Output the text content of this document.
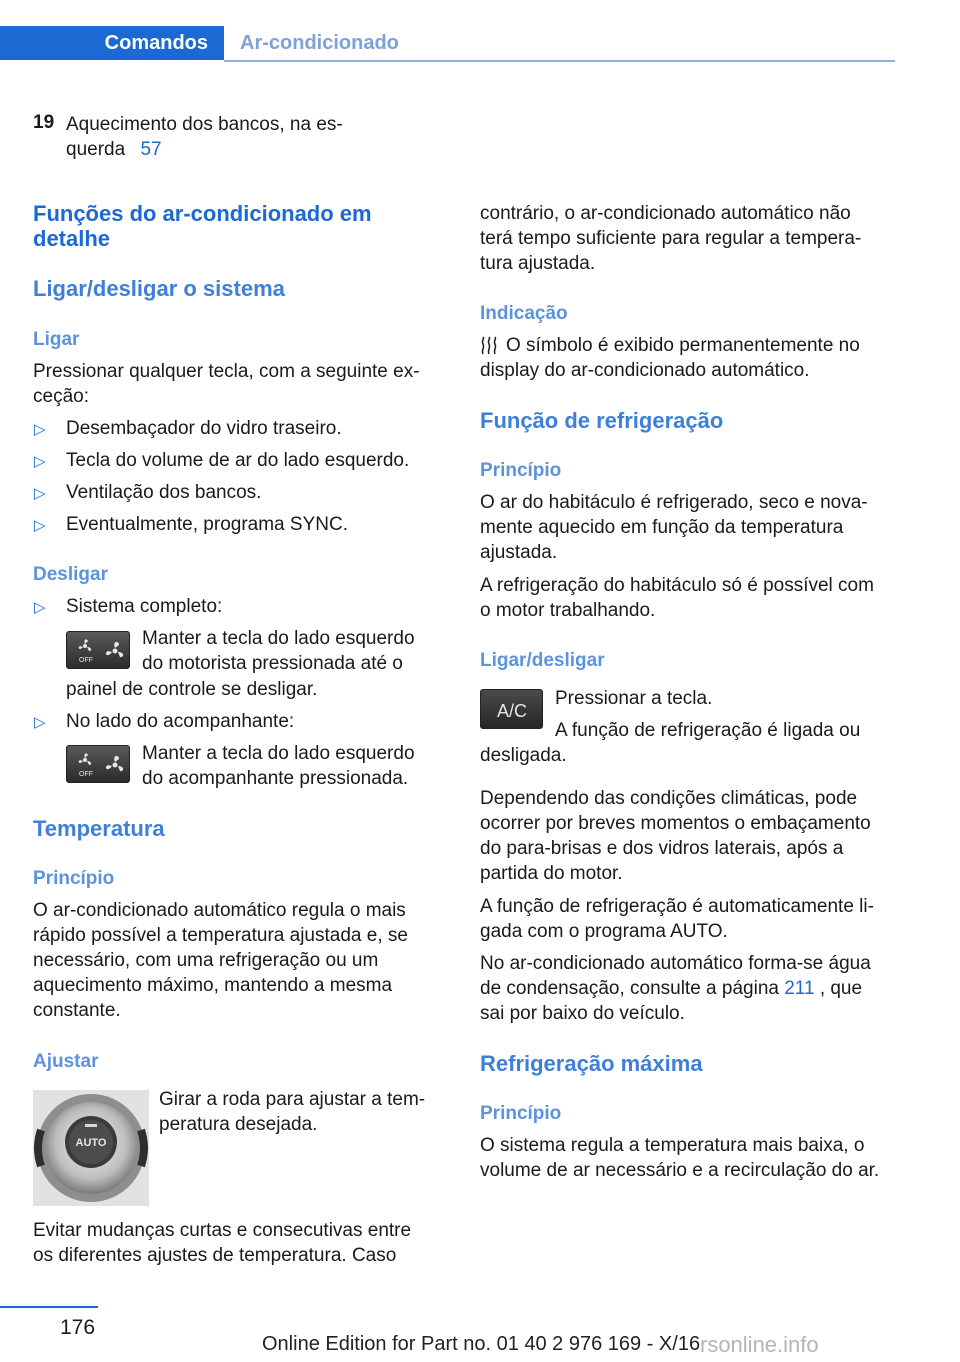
Comandos	Ar-condicionado
19 Aquecimento dos bancos, na es‐
querda 57
Funções do ar-condicionado em
detalhe
Ligar/desligar o sistema
Ligar
Pressionar qualquer tecla, com a seguinte ex‐
ceção:
▷ Desembaçador do vidro traseiro.
▷ Tecla do volume de ar do lado esquerdo.
▷ Ventilação dos bancos.
▷ Eventualmente, programa SYNC.
Desligar
▷ Sistema completo:
OFF
Manter a tecla do lado esquerdo
do motorista pressionada até o
painel de controle se desligar.
▷ No lado do acompanhante:
OFF
Manter a tecla do lado esquerdo
do acompanhante pressionada.
Temperatura
Princípio
O ar-condicionado automático regula o mais
rápido possível a temperatura ajustada e, se
necessário, com uma refrigeração ou um
aquecimento máximo, mantendo a mesma
constante.
Ajustar
AUTO
Girar a roda para ajustar a tem‐
peratura desejada.
Evitar mudanças curtas e consecutivas entre
os diferentes ajustes de temperatura. Caso
contrário, o ar-condicionado automático não
terá tempo suficiente para regular a tempera‐
tura ajustada.
Indicação
O símbolo é exibido permanentemente no
display do ar-condicionado automático.
Função de refrigeração
Princípio
O ar do habitáculo é refrigerado, seco e nova‐
mente aquecido em função da temperatura
ajustada.
A refrigeração do habitáculo só é possível com
o motor trabalhando.
Ligar/desligar
A/C
Pressionar a tecla.
A função de refrigeração é ligada ou
desligada.
Dependendo das condições climáticas, pode
ocorrer por breves momentos o embaçamento
do para-brisas e dos vidros laterais, após a
partida do motor.
A função de refrigeração é automaticamente li‐
gada com o programa AUTO.
No ar-condicionado automático forma-se água
de condensação, consulte a página 211 , que
sai por baixo do veículo.
Refrigeração máxima
Princípio
O sistema regula a temperatura mais baixa, o
volume de ar necessário e a recirculação do ar.
176
Online Edition for Part no. 01 40 2 976 169 - X/16 rsonline.info
